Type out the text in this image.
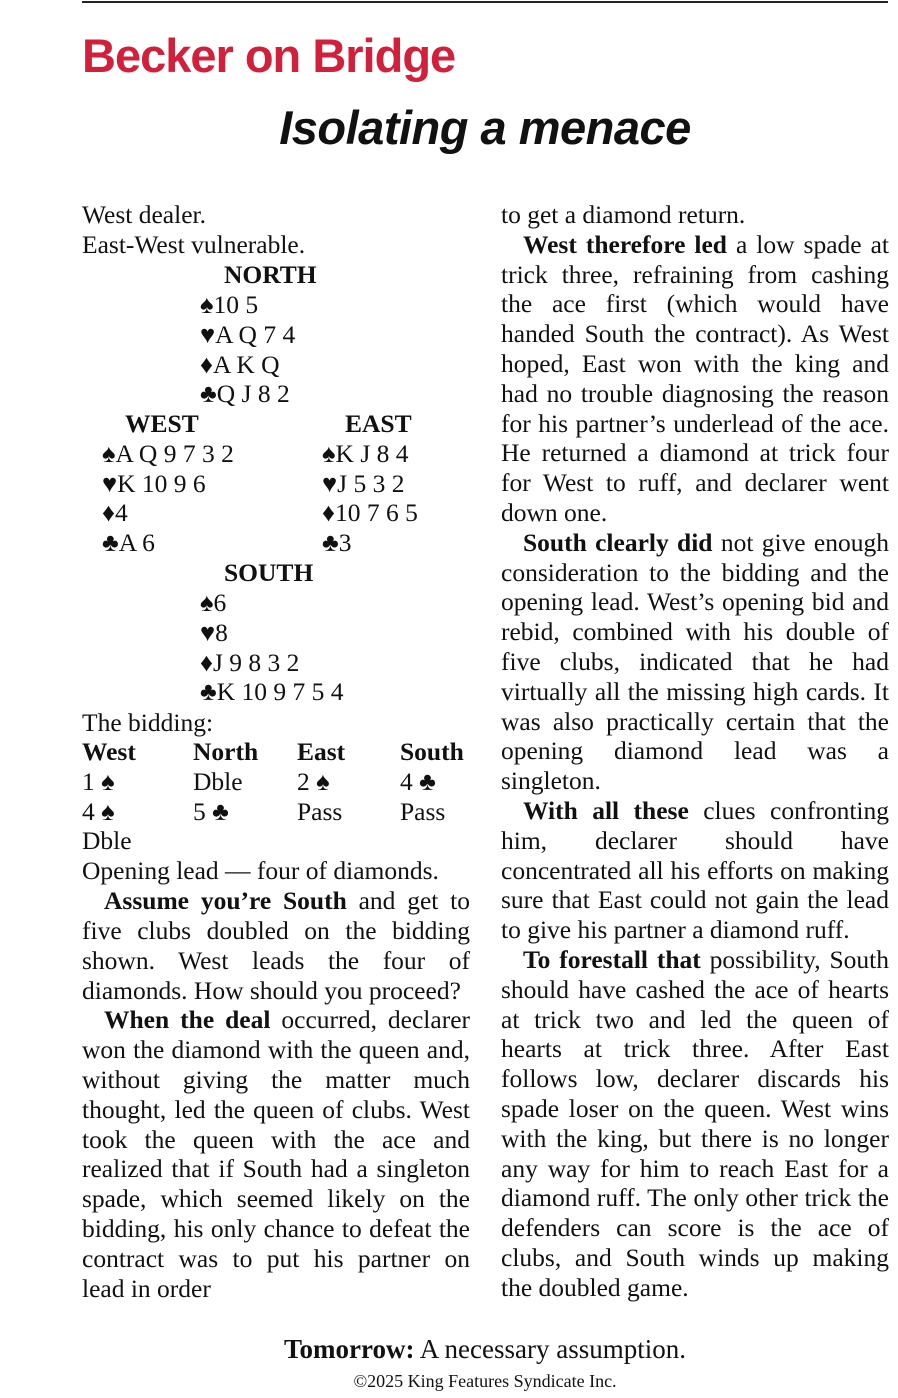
Becker on Bridge
Isolating a menace
West dealer.
East-West vulnerable.
NORTH
♠10 5
♥A Q 7 4
♦A K Q
♣Q J 8 2
WEST
♠A Q 9 7 3 2
♥K 10 9 6
♦4
♣A 6
EAST
♠K J 8 4
♥J 5 3 2
♦10 7 6 5
♣3
SOUTH
♠6
♥8
♦J 9 8 3 2
♣K 10 9 7 5 4
The bidding:
West North East South
1 ♠	Dble 2 ♠	4 ♣
4 ♠	5 ♣	Pass Pass
Dble
Opening lead — four of diamonds.

Assume you’re South and get to five clubs doubled on the bidding shown. West leads the four of diamonds. How should you proceed?

When the deal occurred, declarer won the diamond with the queen and, without giving the matter much thought, led the queen of clubs. West took the queen with the ace and realized that if South had a singleton spade, which seemed likely on the bidding, his only chance to defeat the contract was to put his partner on lead in order

to get a diamond return.

West therefore led a low spade at trick three, refraining from cashing the ace first (which would have handed South the contract). As West hoped, East won with the king and had no trouble diagnosing the reason for his partner’s underlead of the ace. He returned a diamond at trick four for West to ruff, and declarer went down one.

South clearly did not give enough consideration to the bidding and the opening lead. West’s opening bid and rebid, combined with his double of five clubs, indicated that he had virtually all the missing high cards. It was also practically certain that the opening diamond lead was a singleton.

With all these clues confronting him, declarer should have concentrated all his efforts on making sure that East could not gain the lead to give his partner a diamond ruff.

To forestall that possibility, South should have cashed the ace of hearts at trick two and led the queen of hearts at trick three. After East follows low, declarer discards his spade loser on the queen. West wins with the king, but there is no longer any way for him to reach East for a diamond ruff. The only other trick the defenders can score is the ace of clubs, and South winds up making the doubled game.

Tomorrow: A necessary assumption.
©2025 King Features Syndicate Inc.
